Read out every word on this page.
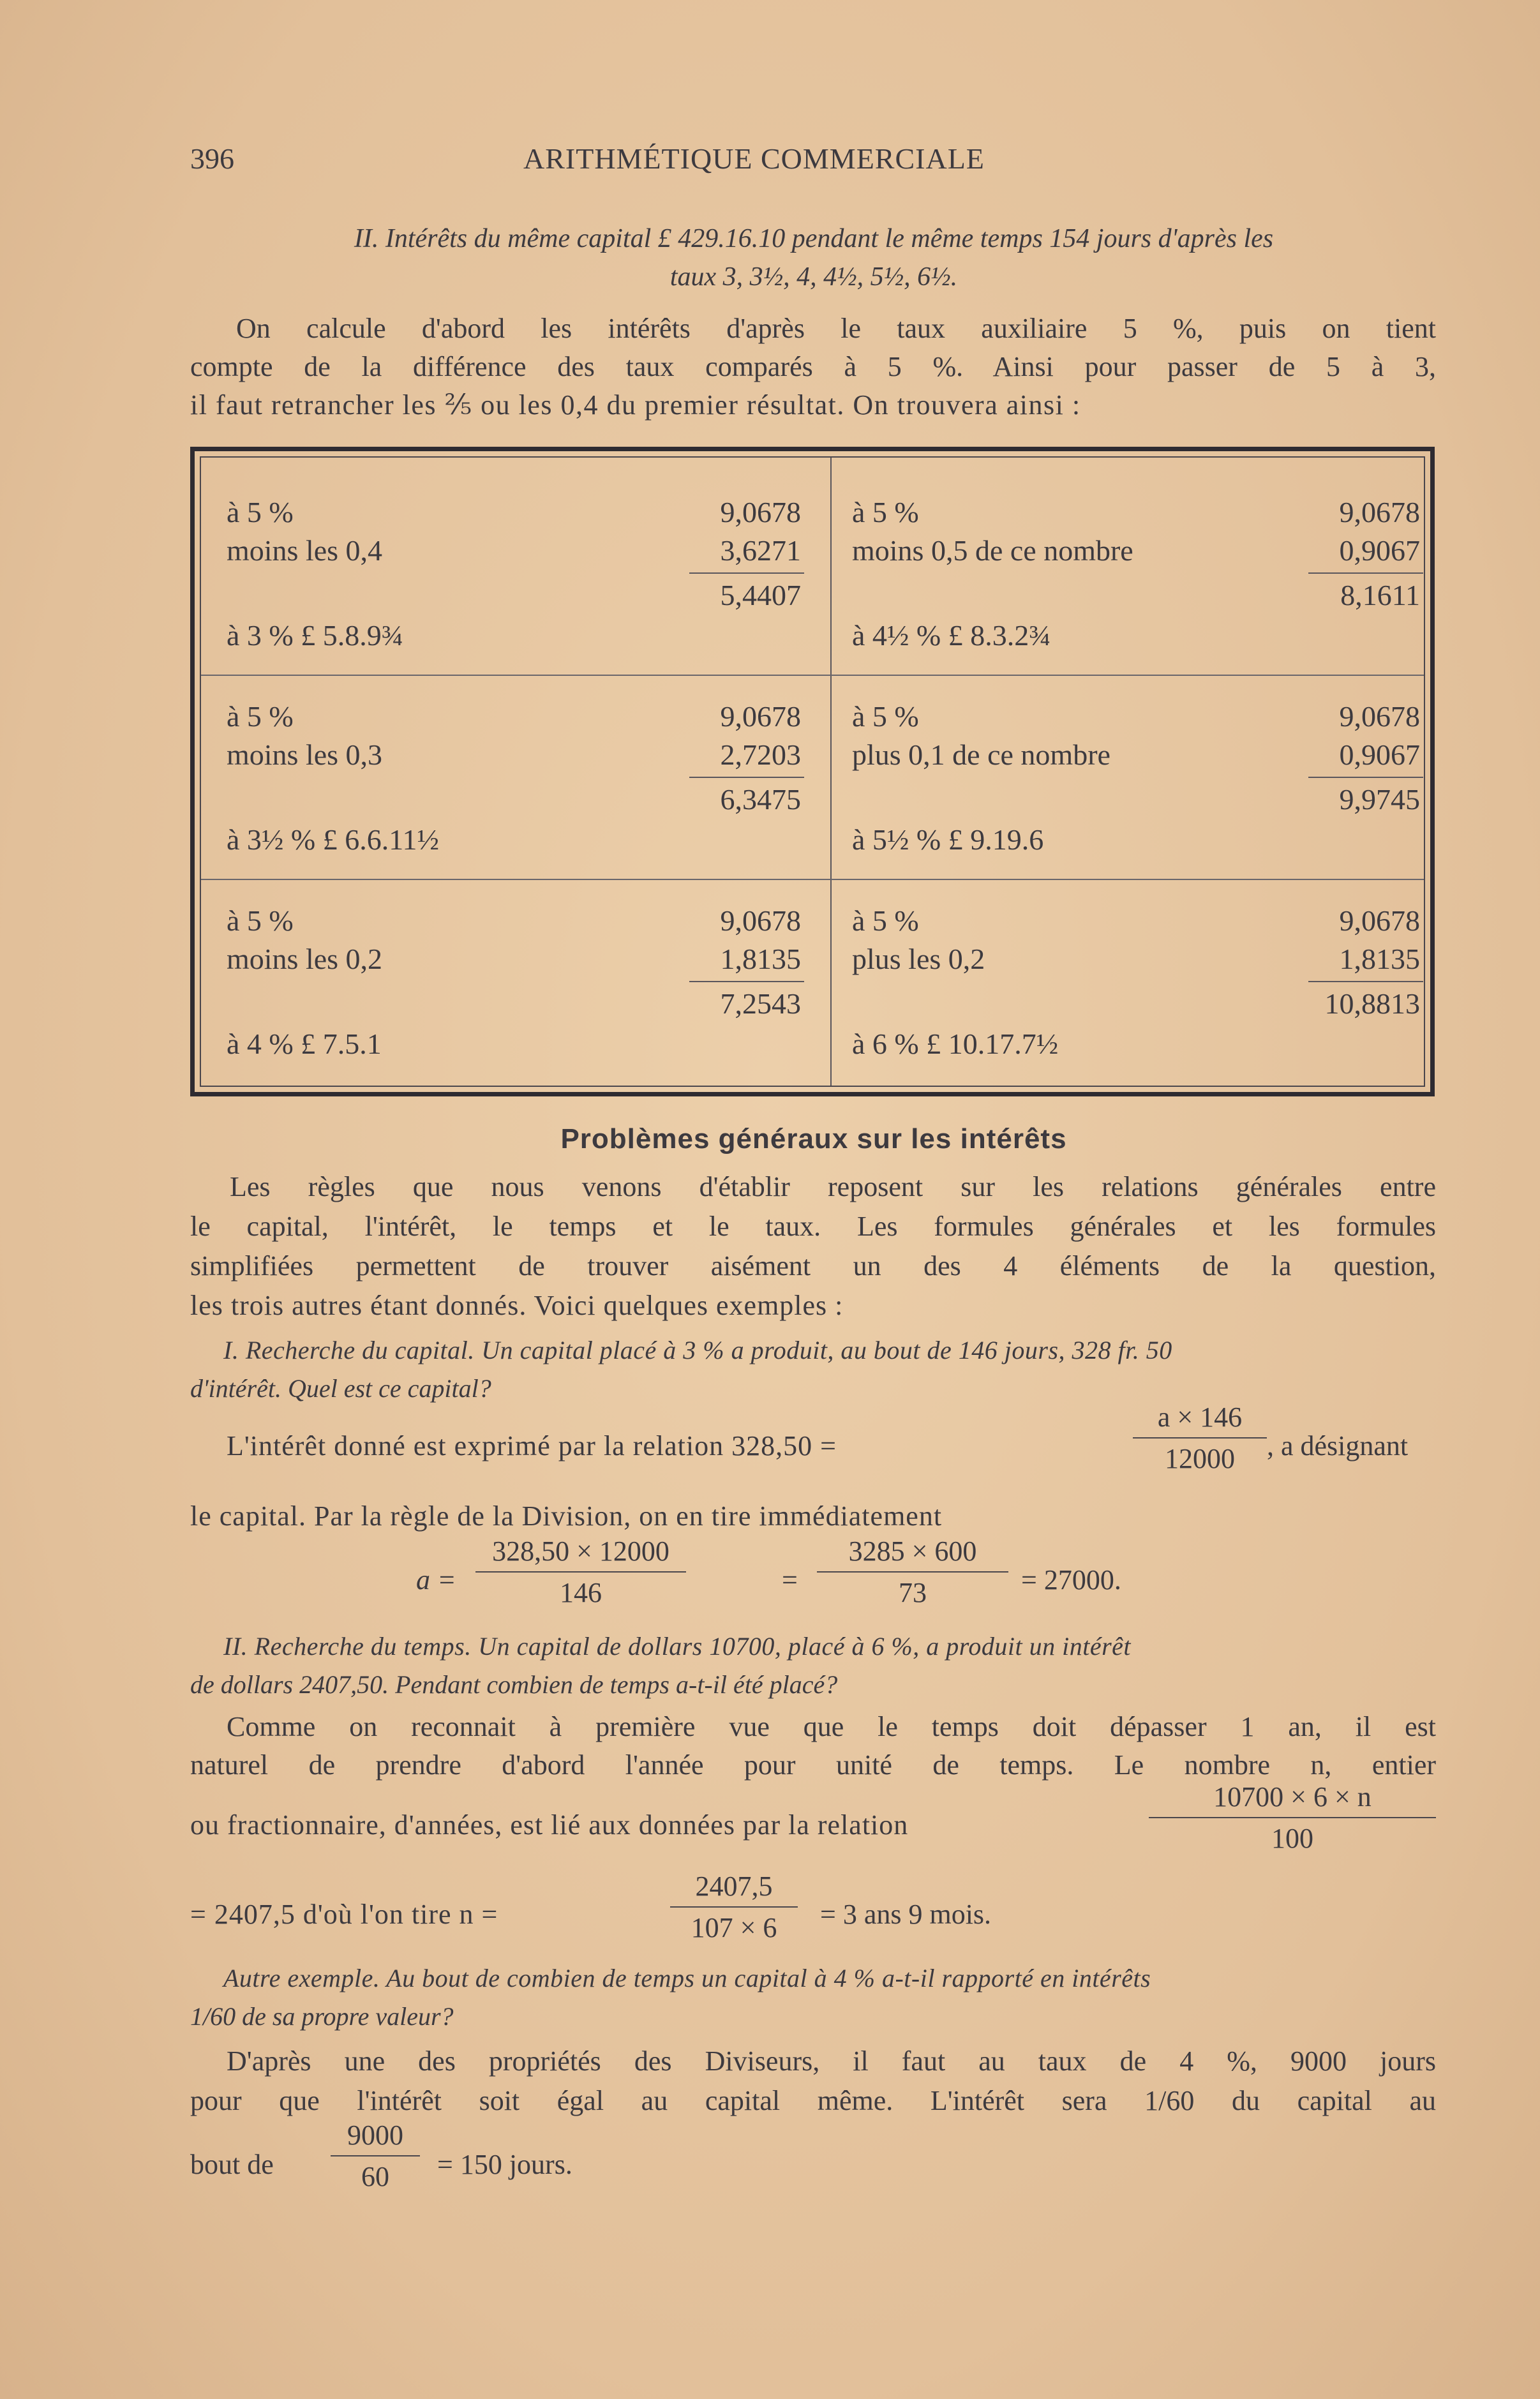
396	ARITHMÉTIQUE COMMERCIALE
II. Intérêts du même capital £ 429.16.10 pendant le même temps 154 jours d'après les
taux 3, 3½, 4, 4½, 5½, 6½.
On calcule d'abord les intérêts d'après le taux auxiliaire 5 %, puis on tient
compte de la différence des taux comparés à 5 %. Ainsi pour passer de 5 à 3,
il faut retrancher les ⅖ ou les 0,4 du premier résultat. On trouvera ainsi :
à 5 %	9,0678
moins les 0,4	3,6271
5,4407
à 3 % £ 5.8.9¾
à 5 %	9,0678
moins 0,5 de ce nombre	0,9067
8,1611
à 4½ % £ 8.3.2¾
à 5 %	9,0678
moins les 0,3	2,7203
6,3475
à 3½ % £ 6.6.11½
à 5 %	9,0678
plus 0,1 de ce nombre	0,9067
9,9745
à 5½ % £ 9.19.6
à 5 %	9,0678
moins les 0,2	1,8135
7,2543
à 4 % £ 7.5.1
à 5 %	9,0678
plus les 0,2	1,8135
10,8813
à 6 % £ 10.17.7½
Problèmes généraux sur les intérêts
Les règles que nous venons d'établir reposent sur les relations générales entre
le capital, l'intérêt, le temps et le taux. Les formules générales et les formules
simplifiées permettent de trouver aisément un des 4 éléments de la question,
les trois autres étant donnés. Voici quelques exemples :
I. Recherche du capital. Un capital placé à 3 % a produit, au bout de 146 jours, 328 fr. 50
d'intérêt. Quel est ce capital?
L'intérêt donné est exprimé par la relation 328,50 =	$\frac{a \times 146}{12000}$ , a désignant
le capital. Par la règle de la Division, on en tire immédiatement
$a = \frac{328,50 \times 12000}{146}$	= $\frac{3285 \times 600}{73} = 27000$.
II. Recherche du temps. Un capital de dollars 10700, placé à 6 %, a produit un intérêt
de dollars 2407,50. Pendant combien de temps a-t-il été placé?
Comme on reconnait à première vue que le temps doit dépasser 1 an, il est
naturel de prendre d'abord l'année pour unité de temps. Le nombre n, entier
ou fractionnaire, d'années, est lié aux données par la relation	$\frac{10700 \times 6 \times n}{100}$
= 2407,5 d'où l'on tire n =	$\frac{2407,5}{107 \times 6} = 3$ ans 9 mois.
Autre exemple. Au bout de combien de temps un capital à 4 % a-t-il rapporté en intérêts
1/60 de sa propre valeur?
D'après une des propriétés des Diviseurs, il faut au taux de 4 %, 9000 jours
pour que l'intérêt soit égal au capital même. L'intérêt sera 1/60 du capital au
bout de $\frac{9000}{60} = 150$ jours.
